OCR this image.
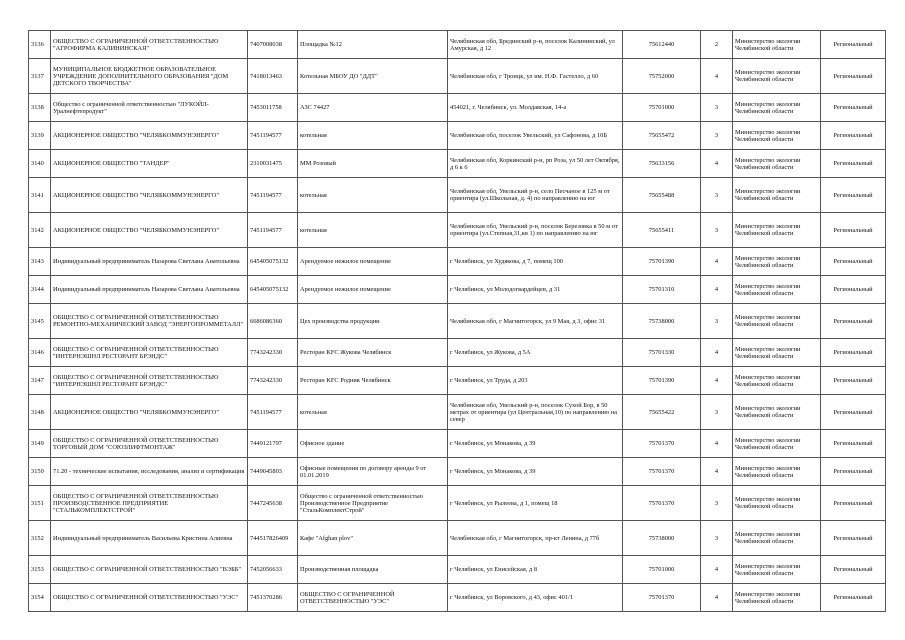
3136	ОБЩЕСТВО С ОГРАНИЧЕННОЙ ОТВЕТСТВЕННОСТЬЮ "АГРОФИРМА КАЛИНИНСКАЯ"	7407008038	Площадка №12	Челябинская обл, Брединский р-н, поселок Калининский, ул Амурская, д 12	75612440	2	Министерство экологии Челябинской области	Региональный
3137	МУНИЦИПАЛЬНОЕ БЮДЖЕТНОЕ ОБРАЗОВАТЕЛЬНОЕ УЧРЕЖДЕНИЕ ДОПОЛНИТЕЛЬНОГО ОБРАЗОВАНИЯ "ДОМ ДЕТСКОГО ТВОРЧЕСТВА"	7418013463	Котельная МБОУ ДО "ДДТ"	Челябинская обл, г Троицк, ул им. Н.Ф. Гастелло, д 60	75752000	4	Министерство экологии Челябинской области	Региональный
3138	Общество с ограниченной ответственностью "ЛУКОЙЛ-Уралнефтепродукт"	7453011758	АЗС 74427	454021, г. Челябинск, ул. Молдавская, 14-а	75701000	3	Министерство экологии Челябинской области	Региональный
3139	АКЦИОНЕРНОЕ ОБЩЕСТВО "ЧЕЛЯБКОММУНЭНЕРГО"	7451194577	котельная	Челябинская обл, поселок Увельский, ул Сафонова, д 10Б	75655472	3	Министерство экологии Челябинской области	Региональный
3140	АКЦИОНЕРНОЕ ОБЩЕСТВО "ТАНДЕР"	2310031475	ММ Розовый	Челябинская обл, Коркинский р-н, рп Роза, ул 50 лет Октября, д 6 к 6	75633156	4	Министерство экологии Челябинской области	Региональный
3141	АКЦИОНЕРНОЕ ОБЩЕСТВО "ЧЕЛЯБКОММУНЭНЕРГО"	7451194577	котельная	Челябинская обл, Увельский р-н, село Песчаное в 125 м от ориентира (ул.Школьная, д. 4) по направлению на юг	75655488	3	Министерство экологии Челябинской области	Региональный
3142	АКЦИОНЕРНОЕ ОБЩЕСТВО "ЧЕЛЯБКОММУНЭНЕРГО"	7451194577	котельная	Челябинская обл, Увельский р-н, поселок Березовка в 50 м от ориентира (ул.Степная,31,кв 1) по направлению на юг	75655411	3	Министерство экологии Челябинской области	Региональный
3143	Индивидуальный предприниматель Назарова Светлана Анатольевна	645405075132	Арендуемое нежилое помещение	г Челябинск, ул Худякова, д 7, помещ 100	75701390	4	Министерство экологии Челябинской области	Региональный
3144	Индивидуальный предприниматель Назарова Светлана Анатольевна	645405075132	Арендуемое нежилое помещение	г Челябинск, ул Молодогвардейцев, д 31	75701310	4	Министерство экологии Челябинской области	Региональный
3145	ОБЩЕСТВО С ОГРАНИЧЕННОЙ ОТВЕТСТВЕННОСТЬЮ РЕМОНТНО-МЕХАНИЧЕСКИЙ ЗАВОД "ЭНЕРГОПРОММЕТАЛЛ"	6686086360	Цех производства продукции	Челябинская обл, г Магнитогорск, ул 9 Мая, д 3, офис 31	75738000	3	Министерство экологии Челябинской области	Региональный
3146	ОБЩЕСТВО С ОГРАНИЧЕННОЙ ОТВЕТСТВЕННОСТЬЮ "ИНТЕРНЭШНЛ РЕСТОРАНТ БРЭНДС"	7743242330	Ресторан KFC Жукова Челябинск	г Челябинск, ул Жукова, д 5А	75701330	4	Министерство экологии Челябинской области	Региональный
3147	ОБЩЕСТВО С ОГРАНИЧЕННОЙ ОТВЕТСТВЕННОСТЬЮ "ИНТЕРНЭШНЛ РЕСТОРАНТ БРЭНДС"	7743242330	Ресторан KFC Родник Челябинск	г Челябинск, ул Труда, д 203	75701390	4	Министерство экологии Челябинской области	Региональный
3148	АКЦИОНЕРНОЕ ОБЩЕСТВО "ЧЕЛЯБКОММУНЭНЕРГО"	7451194577	котельная	Челябинская обл, Увельский р-н, поселок Сухой Бор, в 50 метрах от ориентира (ул Центральная,10) по направлению на север	75655422	3	Министерство экологии Челябинской области	Региональный
3149	ОБЩЕСТВО С ОГРАНИЧЕННОЙ ОТВЕТСТВЕННОСТЬЮ ТОРГОВЫЙ ДОМ "СОЮЗЛИФТМОНТАЖ"	7449121797	Офисное здание	г Челябинск, ул Монакова, д 39	75701370	4	Министерство экологии Челябинской области	Региональный
3150	71.20 - технические испытания, исследования, анализ и сертификация	7449045803	Офисные помещения по договору аренды 9 от 01.01.2019	г Челябинск, ул Монакова, д 39	75701370	4	Министерство экологии Челябинской области	Региональный
3151	ОБЩЕСТВО С ОГРАНИЧЕННОЙ ОТВЕТСТВЕННОСТЬЮ ПРОИЗВОДСТВЕННОЕ ПРЕДПРИЯТИЕ "СТАЛЬКОМПЛЕКТСТРОЙ"	7447245638	Общество с ограниченной ответственностью Производственное Предприятие "СтальКомплектСтрой"	г Челябинск, ул Рылеева, д 1, помещ 18	75701370	3	Министерство экологии Челябинской области	Региональный
3152	Индивидуальный предприниматель Васильева Кристина Алиевна	744517826409	Кафе "Afghan plov"	Челябинская обл, г Магнитогорск, пр-кт Ленина, д 77б	75738000	3	Министерство экологии Челябинской области	Региональный
3153	ОБЩЕСТВО С ОГРАНИЧЕННОЙ ОТВЕТСТВЕННОСТЬЮ "ВЭББ"	7452056633	Производственная площадка	г Челябинск, ул Енисейская, д 8	75701000	4	Министерство экологии Челябинской области	Региональный
3154	ОБЩЕСТВО С ОГРАНИЧЕННОЙ ОТВЕТСТВЕННОСТЬЮ "УЭС"	7451370286	ОБЩЕСТВО С ОГРАНИЧЕННОЙ ОТВЕТСТВЕННОСТЬЮ "УЭС"	г Челябинск, ул Воровского, д 43, офис 401/1	75701370	4	Министерство экологии Челябинской области	Региональный
